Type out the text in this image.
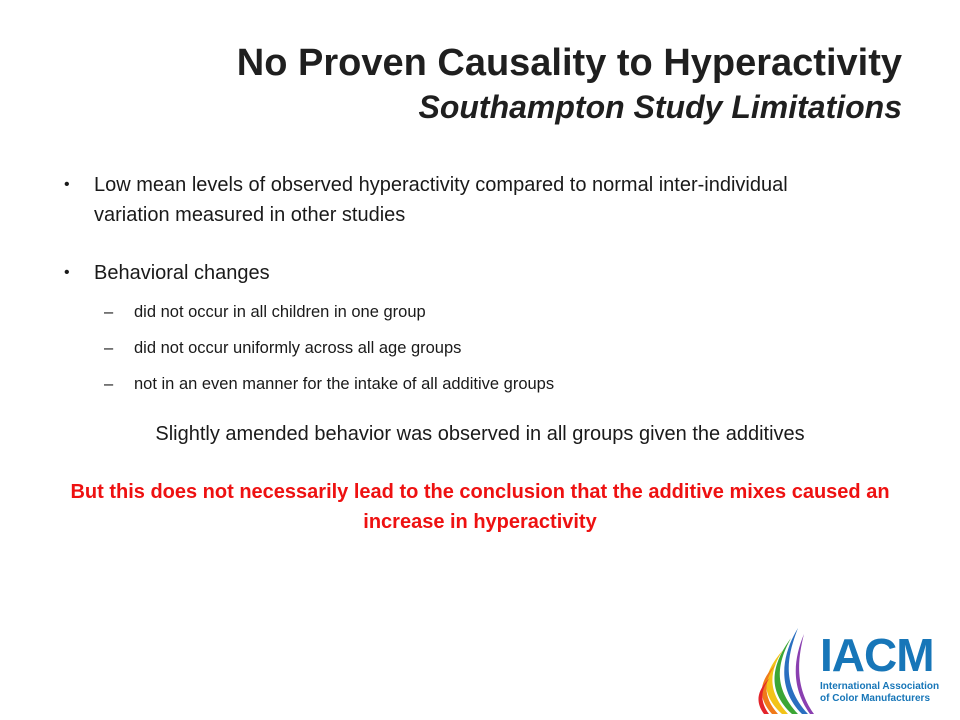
No Proven Causality to Hyperactivity
Southampton Study Limitations
• Low mean levels of observed hyperactivity compared to normal inter-individual variation measured in other studies
• Behavioral changes
– did not occur in all children in one group
– did not occur uniformly across all age groups
– not in an even manner for the intake of all additive groups
Slightly amended behavior was observed in all groups given the additives
But this does not necessarily lead to the conclusion that the additive mixes caused an increase in hyperactivity
IACM
International Association
of Color Manufacturers
